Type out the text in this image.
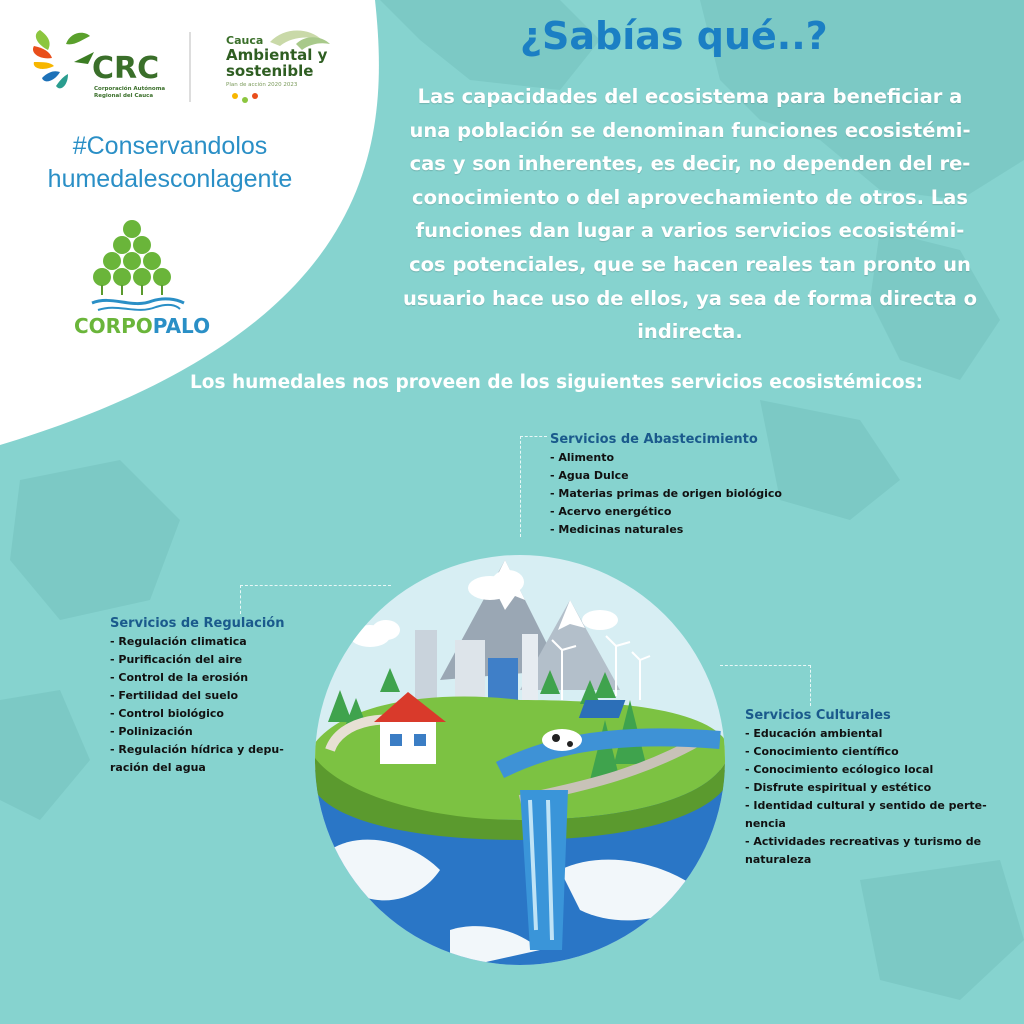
CRC
Corporación Autónoma
Regional del Cauca
Cauca
Ambiental y
sostenible
Plan de acción 2020 2023
#Conservandolos
humedalesconlagente
CORPOPALO
¿Sabías qué..?
Las capacidades del ecosistema para beneficiar a
una población se denominan funciones ecosistémi-
cas y son inherentes, es decir, no dependen del re-
conocimiento o del aprovechamiento de otros. Las
funciones dan lugar a varios servicios ecosistémi-
cos potenciales, que se hacen reales tan pronto un
usuario hace uso de ellos, ya sea de forma directa o
indirecta.
Los humedales nos proveen de los siguientes servicios ecosistémicos:
Servicios de Abastecimiento
- Alimento
- Agua Dulce
- Materias primas de origen biológico
- Acervo energético
- Medicinas naturales
Servicios de Regulación
- Regulación climatica
- Purificación del aire
- Control de la erosión
- Fertilidad del suelo
- Control biológico
- Polinización
- Regulación hídrica y depu-
ración del agua
Servicios Culturales
- Educación ambiental
- Conocimiento científico
- Conocimiento ecólogico local
- Disfrute espiritual y estético
- Identidad cultural y sentido de perte-
nencia
- Actividades recreativas y turismo de
naturaleza
